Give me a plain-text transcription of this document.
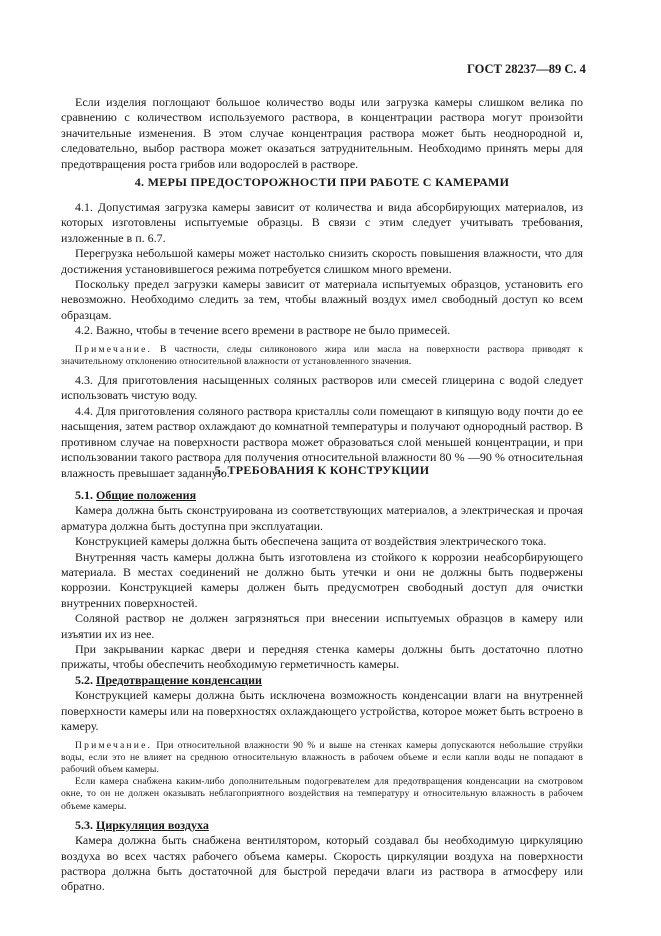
ГОСТ 28237—89 С. 4

Если изделия поглощают большое количество воды или загрузка камеры слишком велика по сравнению с количеством используемого раствора, в концентрации раствора могут произойти значительные изменения. В этом случае концентрация раствора может быть неоднородной и, следовательно, выбор раствора может оказаться затруднительным. Необходимо принять меры для предотвращения роста грибов или водорослей в растворе.

4. МЕРЫ ПРЕДОСТОРОЖНОСТИ ПРИ РАБОТЕ С КАМЕРАМИ

4.1. Допустимая загрузка камеры зависит от количества и вида абсорбирующих материалов, из которых изготовлены испытуемые образцы. В связи с этим следует учитывать требования, изложенные в п. 6.7.

Перегрузка небольшой камеры может настолько снизить скорость повышения влажности, что для достижения установившегося режима потребуется слишком много времени.

Поскольку предел загрузки камеры зависит от материала испытуемых образцов, установить его невозможно. Необходимо следить за тем, чтобы влажный воздух имел свободный доступ ко всем образцам.

4.2. Важно, чтобы в течение всего времени в растворе не было примесей.

Примечание. В частности, следы силиконового жира или масла на поверхности раствора приводят к значительному отклонению относительной влажности от установленного значения.

4.3. Для приготовления насыщенных соляных растворов или смесей глицерина с водой следует использовать чистую воду.

4.4. Для приготовления соляного раствора кристаллы соли помещают в кипящую воду почти до ее насыщения, затем раствор охлаждают до комнатной температуры и получают однородный раствор. В противном случае на поверхности раствора может образоваться слой меньшей концентрации, и при использовании такого раствора для получения относительной влажности 80 % —90 % относительная влажность превышает заданную.

5. ТРЕБОВАНИЯ К КОНСТРУКЦИИ

5.1. Общие положения

Камера должна быть сконструирована из соответствующих материалов, а электрическая и прочая арматура должна быть доступна при эксплуатации.

Конструкцией камеры должна быть обеспечена защита от воздействия электрического тока.

Внутренняя часть камеры должна быть изготовлена из стойкого к коррозии неабсорбирующего материала. В местах соединений не должно быть утечки и они не должны быть подвержены коррозии. Конструкцией камеры должен быть предусмотрен свободный доступ для очистки внутренних поверхностей.

Соляной раствор не должен загрязняться при внесении испытуемых образцов в камеру или изъятии их из нее.

При закрывании каркас двери и передняя стенка камеры должны быть достаточно плотно прижаты, чтобы обеспечить необходимую герметичность камеры.

5.2. Предотвращение конденсации

Конструкцией камеры должна быть исключена возможность конденсации влаги на внутренней поверхности камеры или на поверхностях охлаждающего устройства, которое может быть встроено в камеру.

Примечание. При относительной влажности 90 % и выше на стенках камеры допускаются небольшие струйки воды, если это не влияет на среднюю относительную влажность в рабочем объеме и если капли воды не попадают в рабочий объем камеры.

Если камера снабжена каким-либо дополнительным подогревателем для предотвращения конденсации на смотровом окне, то он не должен оказывать неблагоприятного воздействия на температуру и относительную влажность в рабочем объеме камеры.

5.3. Циркуляция воздуха

Камера должна быть снабжена вентилятором, который создавал бы необходимую циркуляцию воздуха во всех частях рабочего объема камеры. Скорость циркуляции воздуха на поверхности раствора должна быть достаточной для быстрой передачи влаги из раствора в атмосферу или обратно.
